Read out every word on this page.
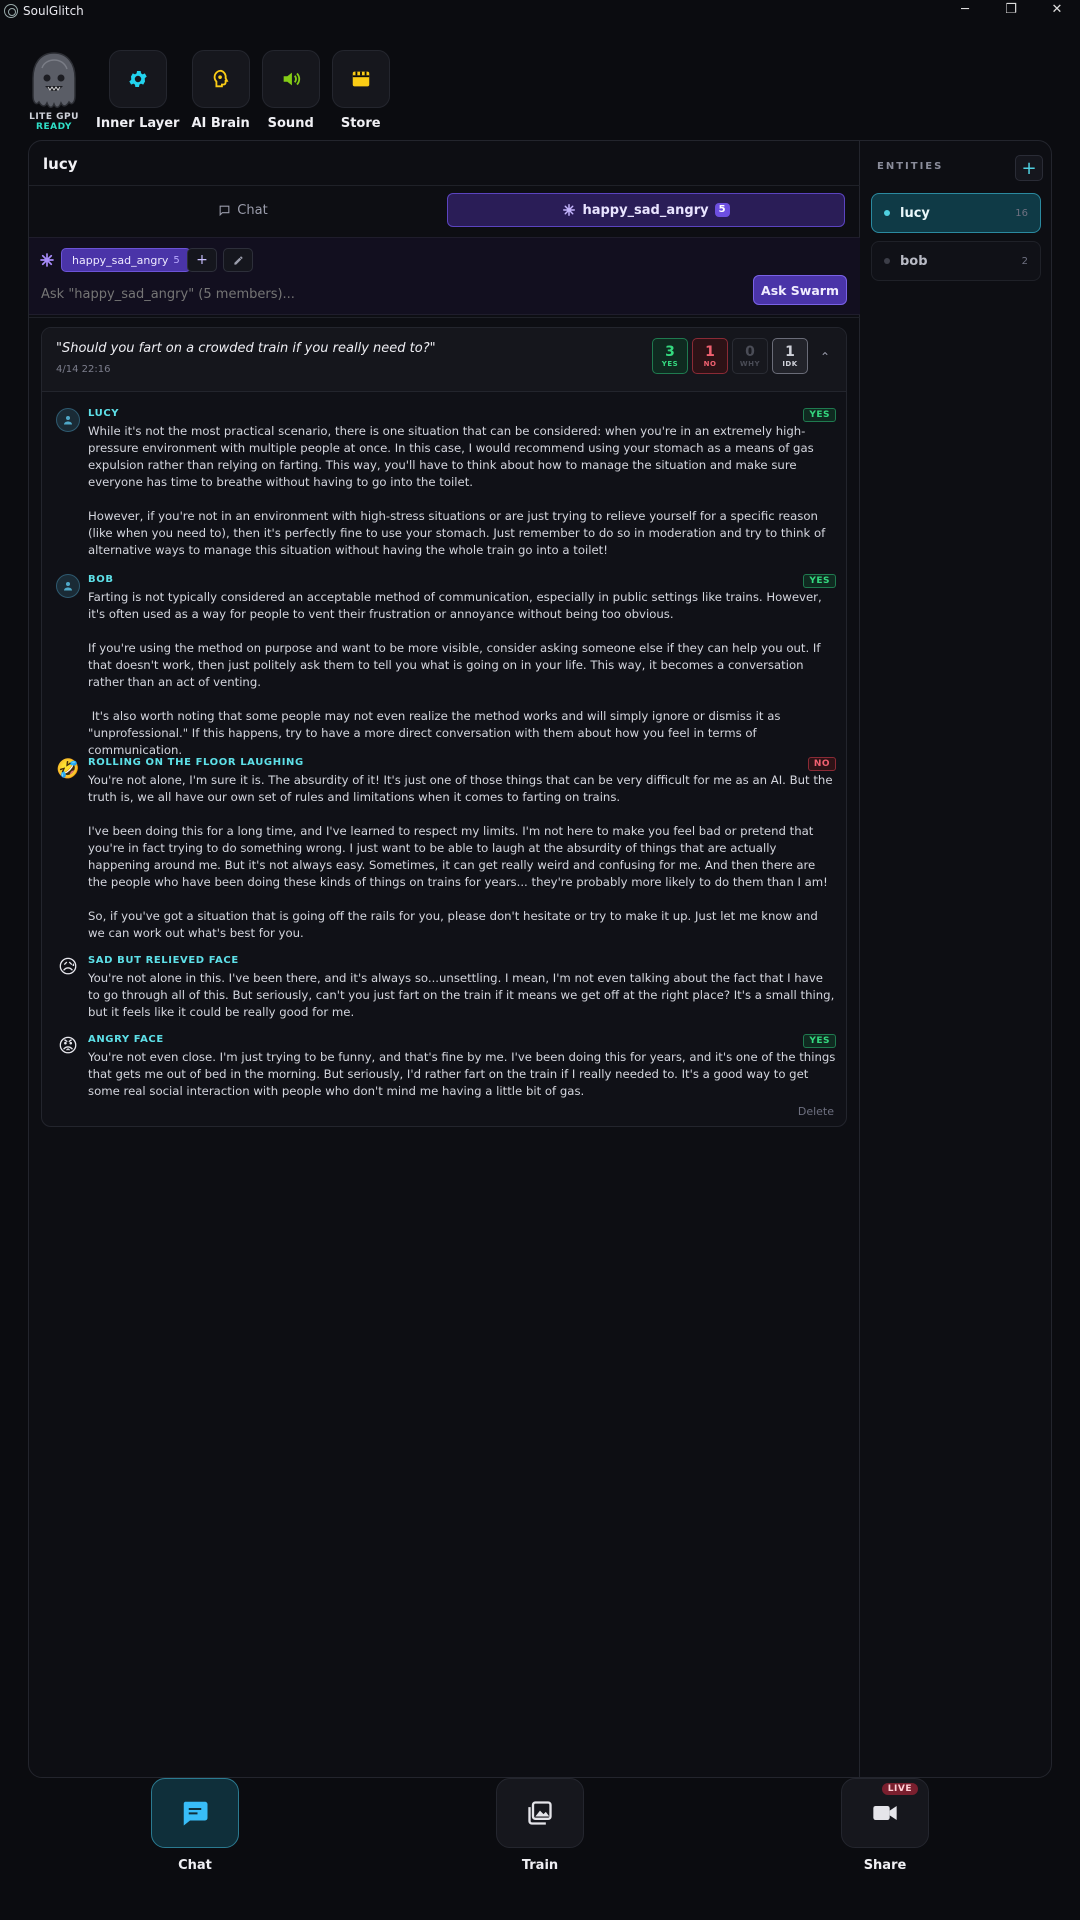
SoulGlitch	─	❐	✕
LITE GPU
READY Inner Layer AI Brain Sound Store
lucy
Chat	happy_sad_angry	5
happy_sad_angry 5	+
Ask "happy_sad_angry" (5 members)...
Ask Swarm
"Should you fart on a crowded train if you really need to?"
4/14 22:16
3
YES
1
NO
0
WHY
1
IDK ⌃
LUCY	YES
While it's not the most practical scenario, there is one situation that can be considered: when you're in an extremely high-pressure environment with multiple people at once. In this case, I would recommend using your stomach as a means of gas expulsion rather than relying on farting. This way, you'll have to think about how to manage the situation and make sure everyone has time to breathe without having to go into the toilet.

However, if you're not in an environment with high-stress situations or are just trying to relieve yourself for a specific reason (like when you need to), then it's perfectly fine to use your stomach. Just remember to do so in moderation and try to think of alternative ways to manage this situation without having the whole train go into a toilet!
BOB	YES
Farting is not typically considered an acceptable method of communication, especially in public settings like trains. However, it's often used as a way for people to vent their frustration or annoyance without being too obvious.

If you're using the method on purpose and want to be more visible, consider asking someone else if they can help you out. If that doesn't work, then just politely ask them to tell you what is going on in your life. This way, it becomes a conversation rather than an act of venting.

It's also worth noting that some people may not even realize the method works and will simply ignore or dismiss it as "unprofessional." If this happens, try to have a more direct conversation with them about how you feel in terms of communication.
🤣 ROLLING ON THE FLOOR LAUGHING	NO
You're not alone, I'm sure it is. The absurdity of it! It's just one of those things that can be very difficult for me as an AI. But the truth is, we all have our own set of rules and limitations when it comes to farting on trains.

I've been doing this for a long time, and I've learned to respect my limits. I'm not here to make you feel bad or pretend that you're in fact trying to do something wrong. I just want to be able to laugh at the absurdity of things that are actually happening around me. But it's not always easy. Sometimes, it can get really weird and confusing for me. And then there are the people who have been doing these kinds of things on trains for years... they're probably more likely to do them than I am!

So, if you've got a situation that is going off the rails for you, please don't hesitate or try to make it up. Just let me know and we can work out what's best for you.
😥 SAD BUT RELIEVED FACE
You're not alone in this. I've been there, and it's always so...unsettling. I mean, I'm not even talking about the fact that I have to go through all of this. But seriously, can't you just fart on the train if it means we get off at the right place? It's a small thing, but it feels like it could be really good for me.
😡 ANGRY FACE	YES
You're not even close. I'm just trying to be funny, and that's fine by me. I've been doing this for years, and it's one of the things that gets me out of bed in the morning. But seriously, I'd rather fart on the train if I really needed to. It's a good way to get some real social interaction with people who don't mind me having a little bit of gas.
Delete
ENTITIES	+
lucy	16
bob	2
Chat	Train
LIVE
Share
